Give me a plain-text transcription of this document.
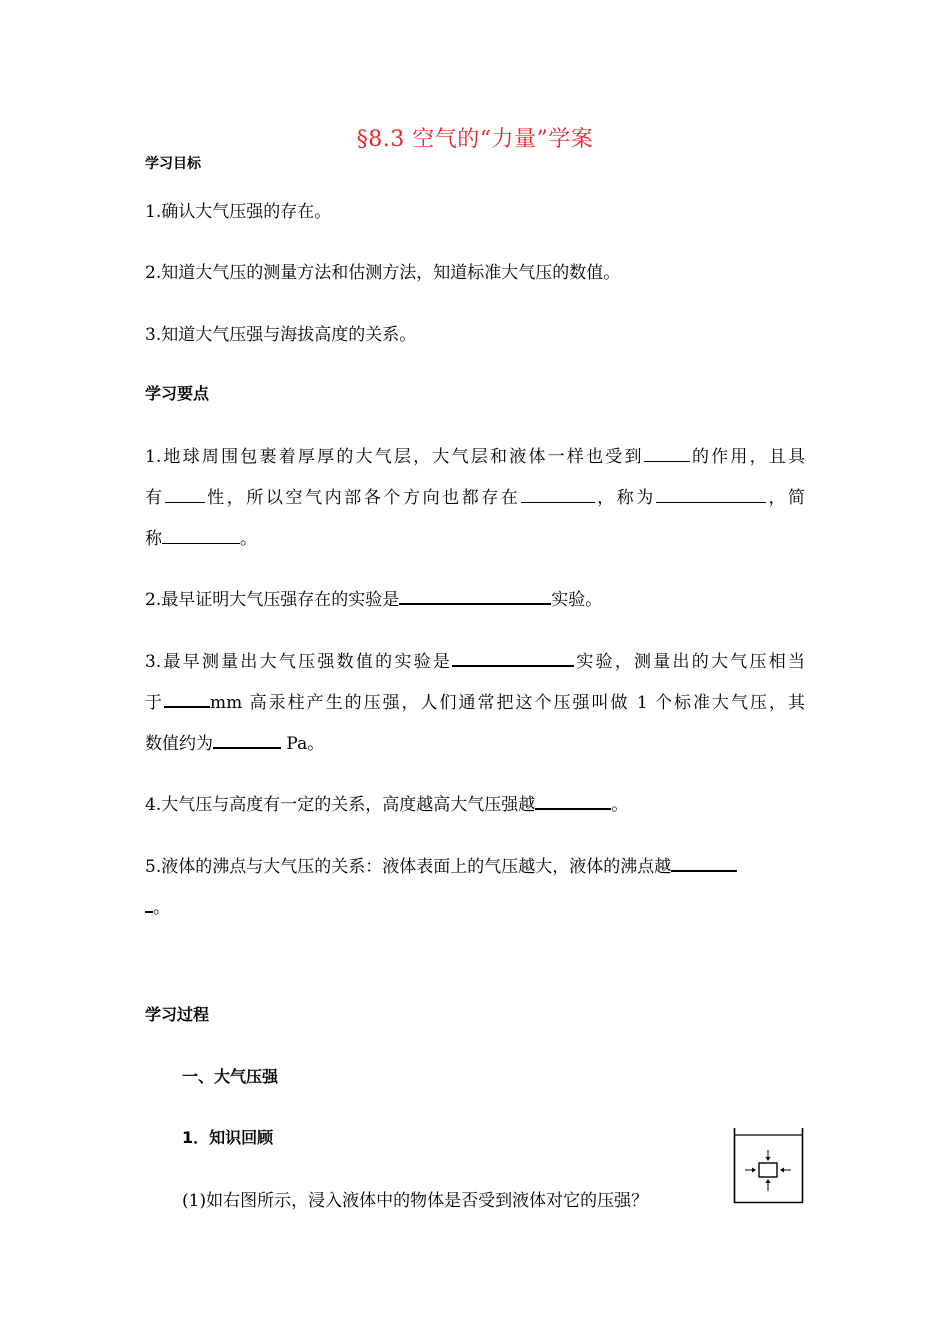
§8.3 空气的“力量”学案
学习目标
1.确认大气压强的存在。
2.知道大气压的测量方法和估测方法，知道标准大气压的数值。
3.知道大气压强与海拔高度的关系。
学习要点
1.地球周围包裹着厚厚的大气层，大气层和液体一样也受到	的作用，且具
有 性，所以空气内部各个方向也都存在	，称为	，简
称	。
2.最早证明大气压强存在的实验是	实验。
3.最早测量出大气压强数值的实验是	实验，测量出的大气压相当
于	mm 高汞柱产生的压强，人们通常把这个压强叫做 1 个标准大气压，其
数值约为	Pa。
4.大气压与高度有一定的关系，高度越高大气压强越	。
5.液体的沸点与大气压的关系：液体表面上的气压越大，液体的沸点越
。
学习过程
一、大气压强
1．知识回顾
(1)如右图所示，浸入液体中的物体是否受到液体对它的压强？
